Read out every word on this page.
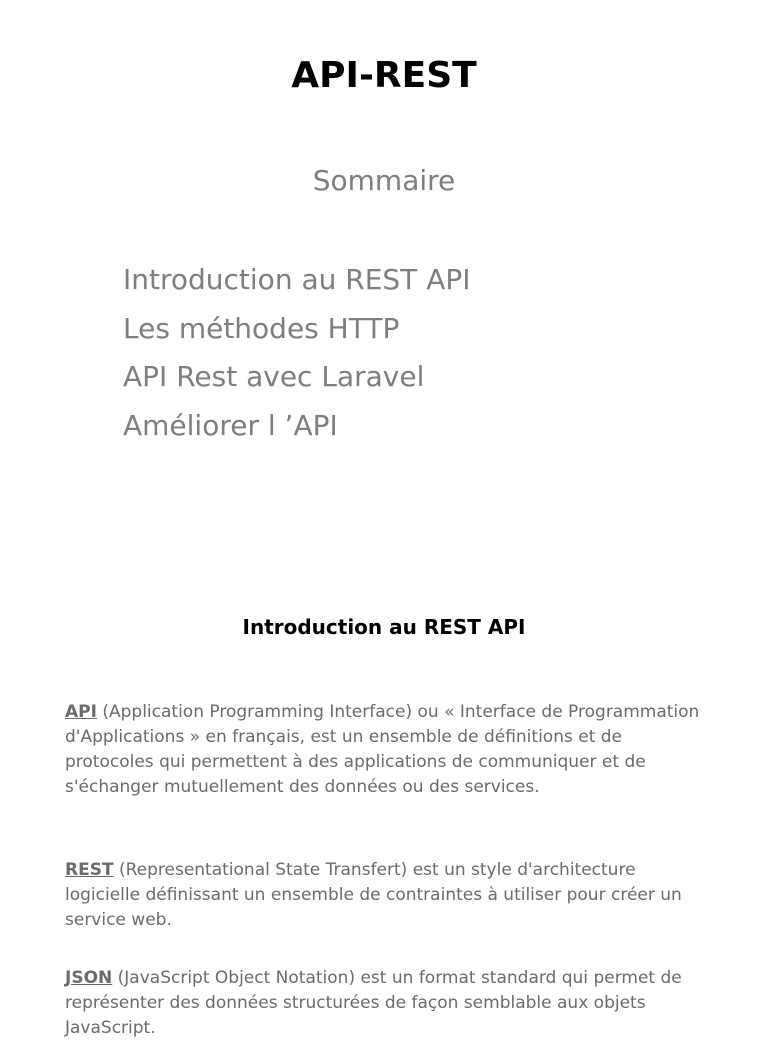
API-REST
Sommaire
Introduction au REST API
Les méthodes HTTP
API Rest avec Laravel
Améliorer l ’API
Introduction au REST API

API (Application Programming Interface) ou « Interface de Programmation d'Applications » en français, est un ensemble de définitions et de protocoles qui permettent à des applications de communiquer et de s'échanger mutuellement des données ou des services.

REST (Representational State Transfert) est un style d'architecture logicielle définissant un ensemble de contraintes à utiliser pour créer un service web.

JSON (JavaScript Object Notation) est un format standard qui permet de représenter des données structurées de façon semblable aux objets JavaScript.
